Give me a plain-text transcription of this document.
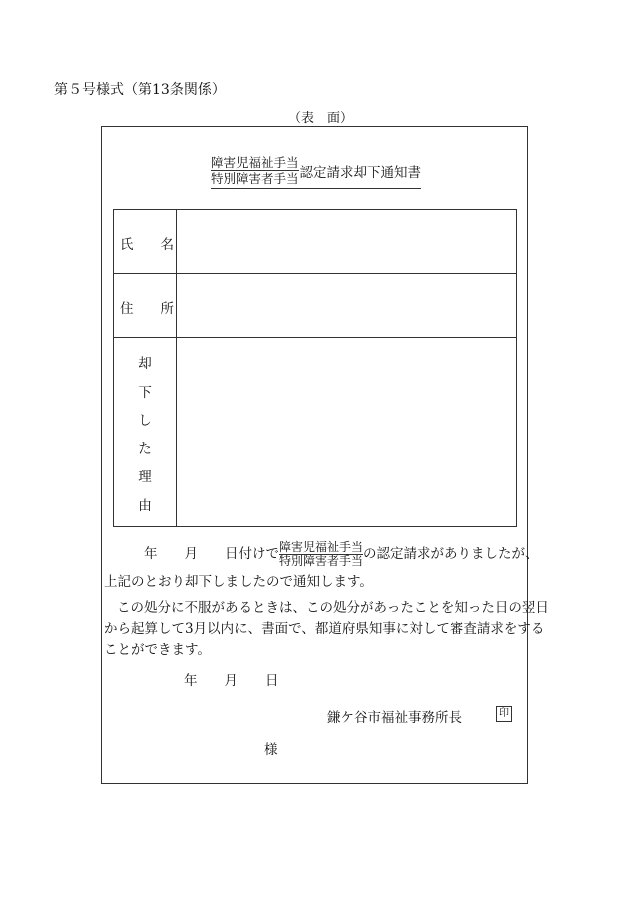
第５号様式（第13条関係）
（表　面）
障害児福祉手当
特別障害者手当 認定請求却下通知書
氏　　名
住　　所
却
下
し
た
理
由
年　　月　　日付けで 障害児福祉手当
特別障害者手当 の認定請求がありましたが、
上記のとおり却下しましたので通知します。
この処分に不服があるときは、この処分があったことを知った日の翌日
から起算して3月以内に、書面で、都道府県知事に対して審査請求をする
ことができます。
年　　月　　日
鎌ケ谷市福祉事務所長	印
様
